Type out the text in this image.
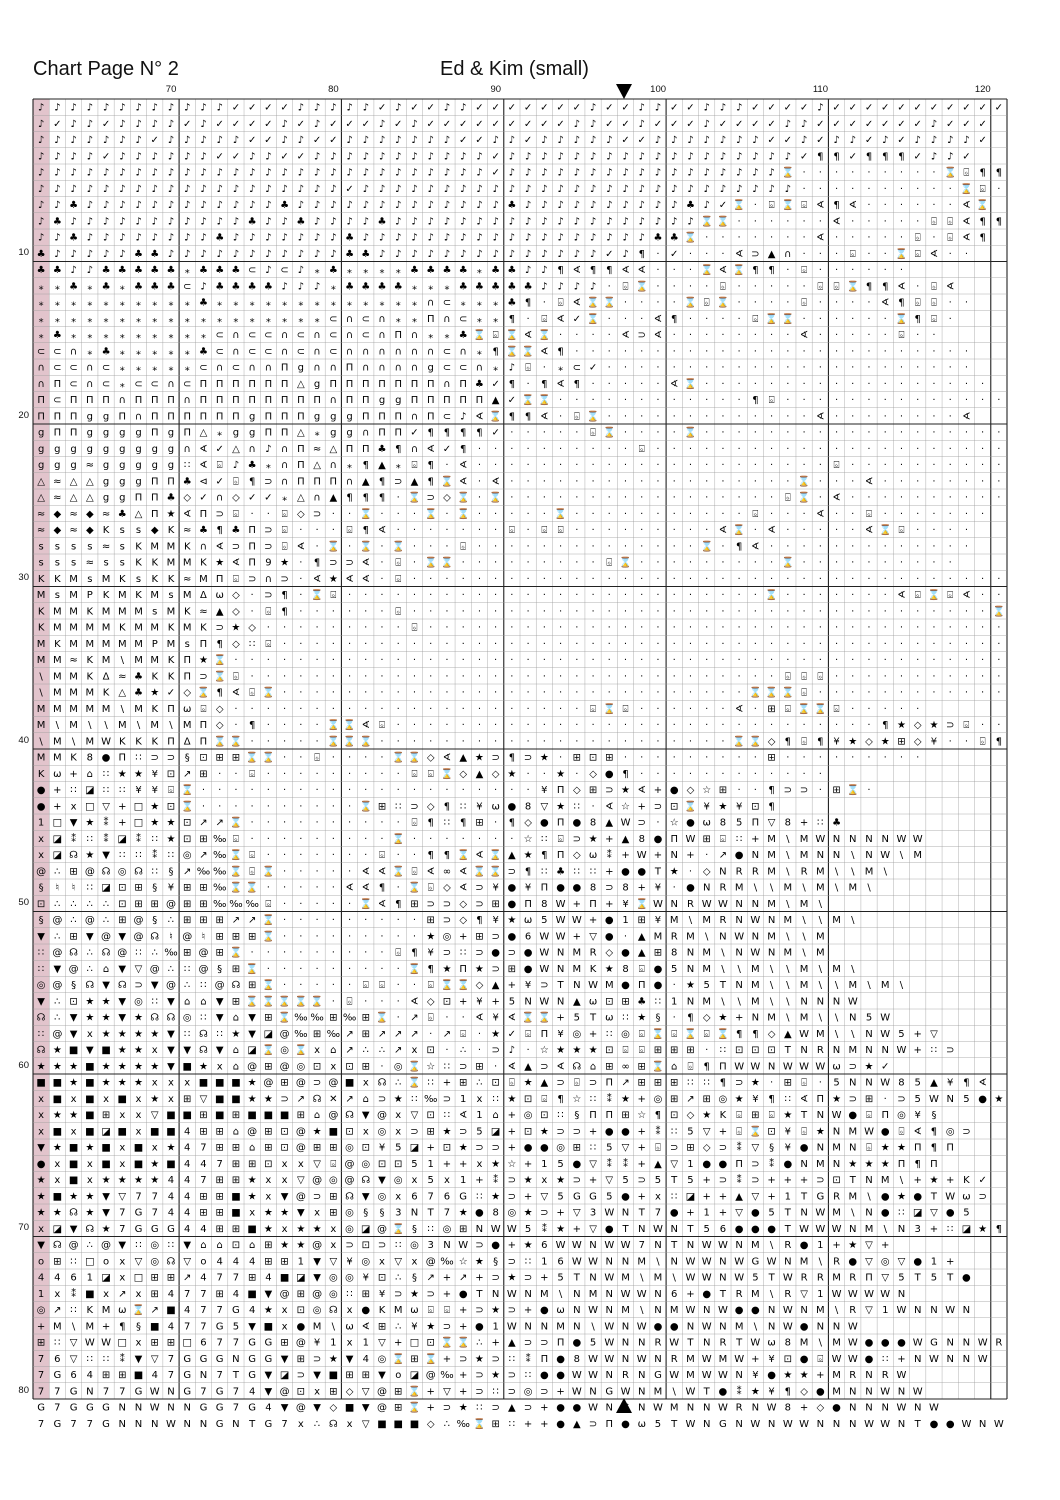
Chart Page N° 2	Ed & Kim (small)
70	80	90	100	110	120
10
20
30
40
50
60
70
80
♪ ♪ ♪ ♪ ♪ ♪ ♪ ♪ ♪ ♪ ♪ ♪ ✓ ✓ ✓ ✓ ♪ ♪ ♪ ♪ ♪ ✓ ♪ ✓ ✓ ♪ ♪ ✓ ✓ ✓ ✓ ✓ ✓ ✓ ♪ ✓ ✓ ♪ ♪ ✓ ✓ ♪ ♪ ♪ ✓ ✓ ✓ ✓ ♪ ✓ ✓ ✓ ✓ ✓ ✓ ✓ ✓ ✓ ✓ ✓
♪ ✓ ♪ ♪ ✓ ♪ ♪ ♪ ♪ ✓ ♪ ✓ ✓ ✓ ✓ ♪ ✓ ♪ ✓ ✓ ✓ ♪ ✓ ♪ ✓ ✓ ✓ ✓ ✓ ✓ ✓ ✓ ✓ ♪ ♪ ✓ ✓ ♪ ✓ ✓ ✓ ♪ ✓ ✓ ✓ ✓ ♪ ♪ ✓ ✓ ✓ ✓ ✓ ✓ ✓ ♪ ✓ ✓ ✓
♪ ♪ ♪ ♪ ♪ ♪ ♪ ✓ ♪ ♪ ♪ ♪ ♪ ✓ ✓ ♪ ♪ ✓ ✓ ♪ ♪ ♪ ♪ ♪ ♪ ♪ ✓ ✓ ♪ ♪ ✓ ♪ ♪ ♪ ♪ ♪ ✓ ✓ ♪ ♪ ♪ ♪ ♪ ♪ ♪ ✓ ✓ ♪ ✓ ♪ ♪ ✓ ♪ ✓ ♪ ♪ ♪ ♪ ✓
♪ ♪ ♪ ♪ ✓ ♪ ♪ ♪ ♪ ♪ ♪ ✓ ✓ ♪ ♪ ✓ ✓ ♪ ♪ ♪ ♪ ♪ ♪ ♪ ♪ ♪ ♪ ♪ ✓ ♪ ♪ ♪ ♪ ♪ ♪ ♪ ♪ ♪ ♪ ♪ ♪ ♪ ♪ ♪ ♪ ♪ ♪ ✓ ¶ ¶ ✓ ¶ ¶ ¶ ✓ ♪ ♪ ✓
♪ ♪ ♪ ♪ ♪ ♪ ♪ ♪ ♪ ♪ ♪ ♪ ♪ ♪ ♪ ♪ ♪ ♪ ♪ ♪ ♪ ♪ ♪ ♪ ♪ ♪ ♪ ♪ ✓ ♪ ♪ ♪ ♪ ♪ ♪ ♪ ♪ ♪ ♪ ♪ ♪ ♪ ♪ ♪ ♪ ♪ ⌛ · · · · · · · · · ⌛ ⌺ ¶ ¶
♪ ♪ ♪ ♪ ♪ ♪ ♪ ♪ ♪ ♪ ♪ ♪ ♪ ♪ ♪ ♪ ♪ ♪ ♪ ✓ ♪ ♪ ♪ ♪ ♪ ♪ ♪ ♪ ♪ ♪ ♪ ♪ ♪ ♪ ♪ ♪ ♪ ♪ ♪ ♪ ♪ ♪ ♪ ♪ ♪ ♪ ♪ · · · · · · · · · · ⌛ ⌺ ·
♪ ♪ ♣ ♪ ♪ ♪ ♪ ♪ ♪ ♪ ♪ ♪ ♪ ♪ ♪ ♣ ♪ ♪ ♪ ♪ ♪ ♪ ♪ ♪ ♪ ♪ ♪ ♪ ♪ ♣ ♪ ♪ ♪ ♪ ♪ ♪ ♪ ♪ ♪ ♪ ♣ ♪ ✓ ⌛ · ⌺ ⌛ ⌺ ∢ ¶ ∢ · · · · · · ∢ ⌛
♪ ♣ ♪ ♪ ♪ ♪ ♪ ♪ ♪ ♪ ♪ ♪ ♪ ♣ ♪ ♪ ♣ ♪ ♪ ♪ ♪ ♣ ♪ ♪ ♪ ♪ ♪ ♪ ♪ ♪ ♪ ♪ ♪ ♪ ♪ ♪ ♪ ♪ ♪ ♪ ♪ ⌛ ⌛ · · · · · · ∢ · · · · · ⌺ ⌺ ∢ ¶ ¶
♪ ♪ ♣ ♪ ♪ ♪ ♪ ♪ ♪ ♪ ♪ ♣ ♪ ♪ ♪ ♪ ♪ ♪ ♪ ♣ ♪ ♪ ♪ ♪ ♪ ♪ ♪ ♪ ♪ ♪ ♪ ♪ ♪ ♪ ♪ ♪ ♪ ♪ ♣ ♣ ⌛ · · · · · · · ∢ · · · · · ⌺ · ⌺ ∢ ¶
♣ ♪ ♪ ♪ ♪ ♪ ♣ ♣ ♪ ♪ ♪ ♪ ♪ ♪ ♪ ♪ ♪ ♪ ♪ ♣ ♣ ♪ ♪ ♪ ♪ ♪ ♪ ♪ ♪ ♪ ♪ ♪ ♪ ♪ ♪ ✓ ♪ ¶ · ✓ · · · ∢ ⊃ ▲ ∩ · · · ⌺ · · ⌛ ⌺ ∢ · ·
♣ ♣ ♪ ♪ ♣ ♣ ♣ ♣ ♣ ⁎ ♣ ♣ ♣ ⊂ ♪ ⊂ ♪ ⁎ ♣ ⁎ ⁎ ⁎ ⁎ ♣ ♣ ♣ ♣ ⁎ ♣ ♣ ♪ ♪ ¶ ∢ ¶ ¶ ∢ ∢ · · · ⌛ ∢ ⌛ ¶ ¶ · ⌺ · · · · · ·
⁎ ⁎ ♣ ⁎ ♣ ⁎ ♣ ♣ ♣ ⊂ ♪ ♣ ♣ ♣ ♣ ♪ ♪ ♪ ⁎ ♣ ♣ ♣ ♣ ⁎ ⁎ ⁎ ♣ ♣ ♣ ♣ ♣ ♪ ♪ ♪ ♪ · ⌺ ⌛ · · · · ⌺ · · · · · ⌺ ⌺ ⌛ ¶ ¶ ∢ · ⌺ ∢
⁎ ⁎ ⁎ ⁎ ⁎ ⁎ ⁎ ⁎ ⁎ ⁎ ♣ ⁎ ⁎ ⁎ ⁎ ⁎ ⁎ ⁎ ⁎ ⁎ ⁎ ⁎ ⁎ ⁎ ∩ ⊂ ⁎ ⁎ ⁎ ♣ ¶ · ⌺ ∢ ⌛ ⌛ · · · · ⌛ ⌺ ⌛ · · · · ⌺ · · · · ∢ ¶ ⌺ ⌺ · ·
⁎ ⁎ ⁎ ⁎ ⁎ ⁎ ⁎ ⁎ ⁎ ⁎ ⁎ ⁎ ⁎ ⁎ ⁎ ⁎ ⁎ ⁎ ⊂ ∩ ⊂ ∩ ⁎ ⁎ Π ∩ ⊂ ⁎ ⁎ ¶ · ⌺ ∢ ✓ ⌛ · · · ∢ ¶ · · · · ⌺ ⌛ ⌛ · · · · · · ⌛ ¶ ⌺ ·
⁎ ♣ ⁎ ⁎ ⁎ ⁎ ⁎ ⁎ ⁎ ⁎ ⁎ ⊂ ∩ ⊂ ⊂ ∩ ⊂ ∩ ⊂ ∩ ⊂ ∩ Π ∩ ⁎ ⁎ ♣ ⌛ ⌺ ⌛ ∢ ⌛ · · · · ∢ ⊃ ∢ · · · · · · · · ∢ · · · · · ⌺ · ·
⊂ ⊂ ∩ ⁎ ♣ ⁎ ⁎ ⁎ ⁎ ⁎ ♣ ⊂ ∩ ⊂ ⊂ ∩ ⊂ ∩ ⊂ ∩ ∩ ∩ ∩ ∩ ∩ ⊂ ∩ ⁎ ¶ ⌛ ⌛ ∢ ¶ · · · · · · · · · · · · · · · · · · · · · · · · ·
∩ ⊂ ⊂ ∩ ⊂ ⁎ ⁎ ⁎ ⁎ ⁎ ⊂ ∩ ⊂ ∩ ∩ Π g ∩ ∩ Π ∩ ∩ ∩ ∩ g ⊂ ⊂ ∩ ⁎ ♪ ⌺ · ⁎ ⊂ ✓ · · · · · · · · · · · · · · · · · · · · · · ·
∩ Π ⊂ ∩ ⊂ ⁎ ⊂ ⊂ ∩ ⊂ Π Π Π Π Π Π △ g Π Π Π Π Π Π Π ∩ Π ♣ ✓ ¶ · ¶ ∢ ¶ · · · · · ∢ ⌛ · · · · · · · · · · · · · · · · · ·
Π ⊂ Π Π Π ∩ Π Π Π ∩ Π Π Π Π Π Π Π Π ∩ Π Π g g Π Π Π Π Π ▲ ✓ ⌛ ⌛ · · · · · · · · · · · · ¶ ⌺ · · · · · · · · · · · · · ·
Π Π Π g g Π ∩ Π Π Π Π Π Π g Π Π Π g g g Π Π Π ∩ Π ⊂ ♪ ∢ ⌛ ¶ ¶ ∢ · ⌺ ⌛ · · · · · · · · · · · · · ∢ · · · · · · · · ∢
g Π Π g g g g Π g Π △ ⁎ g g Π Π △ ⁎ g g ∩ Π Π ✓ ¶ ¶ ¶ ¶ ✓ · · · · · ⌺ ⌛ · · · · ⌛ · · · · · · · · · · · · · · · · · · ·
g g g g g g g g g ∩ ∢ ✓ △ ∩ ♪ ∩ Π ≈ △ Π Π ♣ ¶ ∩ ∢ ✓ ¶ · · · · · · · · · · ⌺ · · · · · · · · · · · · · · · · · · · · · ·
g g g ≈ g g g g g ∷ ∢ ⌺ ♪ ♣ ⁎ ∩ Π △ ∩ ⁎ ¶ ▲ ⁎ ⌺ ¶ · ∢ · · · · · · · · · · · · · · · · · · · · · · ⌺ · · · · · · · · · ·
△ ≈ △ △ g g g Π Π ♣ ⊲ ✓ ⌺ ¶ ⊃ ∩ Π Π Π ∩ ▲ ¶ ⊃ ▲ ¶ ⌛ ∢ · ∢ · · · · · · · · · · · · · · · · · · ⌛ · · · ∢ · · · · · · · ·
△ ≈ △ △ g g Π Π ♣ ◇ ✓ ∩ ◇ ✓ ✓ ⁎ △ ∩ ▲ ¶ ¶ ¶ · ⌛ ⊃ ◇ ⌛ · ⌛ · · · · · · · · · · · · · · · · · ⌺ ⌛ · ∢ · · · · · · · · · ·
≈ ◆ ≈ ◆ ≈ ♣ △ Π ★ ∢ Π ⊃ ⌺ · · ⌺ ◇ ⊃ · · ⌛ · · · ⌛ · ⌛ · · · · · ⌛ · · · · · · · · · · · ⌺ · · · ∢ · · ⌺ · · · · · · ·
≈ ◆ ≈ ◆ K s s ◆ K ≈ ♣ ¶ ♣ Π ⊃ ⌺ · · · ⌺ ¶ ∢ · · · · · · · ⌺ · ⌺ ⌺ · · · · · · · · · ∢ ⌛ · ∢ · · · · · ∢ ⌛ ⌺ · · · ·
s s s s ≈ s K M M K ∩ ∢ ⊃ Π ⊃ ⌺ ∢ · ⌛ · ⌛ · ⌛ · · · ⌺ · · · · · · · · · · · · · · ⌛ · ¶ ∢ · · · · · · · · · · · · ·
s s s ≈ s s K K M M K ★ ∢ Π 9 ★ · ¶ ⊃ ⊃ ∢ · ⌺ · ⌛ ⌛ · · · · · · · · · ⌺ ⌛ · · · · · · · · · ⌛ · · · · · · · · · ·
K K M s M K s K K ≈ M Π ⌺ ⊃ ∩ ⊃ · ∢ ★ ∢ ∢ · ⌺ · · · · · · · · · · · · · · · · · · · · · · · · · · · · · · · · · · · · ·
M s M P K M K M s M Δ ω ◇ · ⊃ ¶ · ⌛ ⌺ · · · · · · · · · · · · · · · · · · · · · · · · · · ⌛ · · · · · · · ∢ ⌺ ⌛ ⌺ ∢ · ·
K M M K M M M s M K ≈ ▲ ◇ · ⌺ ¶ · · · · · · ⌺ · · · · · · · · · · · · · · · · · · · · · · · · · · · · · · · · · · · · ⌛
K M M M M K M M K M K ⊃ ★ ◇ · · · · · · · · · ⌺ · · · · · · · · · · · · · · · · · · · · · · · · · · · · · · · · · · · ·
M K M M M M M P M s Π ¶ ◇ ∷ ⌺ · · · · · · · · · · · · · · · · · · · · · · · · · · · · · · · · · · · · · · · · · · · · ·
M M ≈ K M \ M M K Π ★ ⌛ · · · · · · · · · · · · · · · · · · · · · · · · · · · · · · · · · · · · · · · · · · · · · · · ·
\ M M K Δ ≈ ♣ K K Π ⊃ ⌛ ⌺ · · · · · · · · · · · · · · · · · · · · · · · · · · · · · · · · · ⌺ ⌺ ⌺ · · · · · · · · · · ·
\ M M M K △ ♣ ★ ✓ ◇ ⌛ ¶ ∢ ⌺ ⌛ · · · · · · · · · · · · · · · · · · · · · · · · · · · · · ⌛ ⌛ ⌛ ⌺ · · · · · · · · · · · ·
M M M M M \ M K Π ω ⌺ ◇ · · · · · · · · · · · · · · · · · · · · · · ⌺ ⌛ ⌺ · · · · · · ∢ · ⊞ ⌺ ⌛ ⌛ ⌺ · · · · ·
M \ M \ \ M \ M \ M Π ◇ · ¶ · · · · ⌛ ⌛ ∢ ⌺ · · · · · · · · · · · · · · · · · · · · · · · · · · · · · · ¶ ★ ◇ ★ ⊃ ⌺ · ·
\ M \ M W K K K Π Δ Π ⌛ ⌛ · · · · · ⌛ ⌛ ⌛ · · · · · · · · · · · · · · · · · · · · · · ⌛ ⌛ ◇ ¶ ⌺ ¶ ¥ ★ ◇ ★ ⊞ ◇ ¥ · · ⌺ ¶
M M K 8 ● Π ∷ ⊃ ⊃ § ⊡ ⊞ ⊞ ⌛ ⌛ · · ⌺ · · · · ⌛ ⌛ ◇ ∢ ▲ ★ ⊃ ¶ ⊃ ★ · ⊞ ⊡ ⊞ · · · · · · · · · ⊞ · · · · · · · · ·
K ω + ⌂ ∷ ★ ★ ¥ ⊡ ↗ ⊞ · · ⌺ · · · · · · · · · ⌺ ⌺ ⌛ ◇ ▲ ◇ ★ · · ★ · ◇ ● ¶ · · · · · · · · · · · ·
● + ∷ ◪ ∷ ∷ ¥ ¥ ⌺ ⌛ · · · · · · · · · · · · · · · · · · · · · ¥ Π ◇ ⊞ ⊃ ★ ∢ + ● ◇ ☆ ⊞ · · ¶ ⊃ ⊃ · ⊞ ⌛ ·
● + x □ ▽ + □ ★ ⊡ ⌛ · · · · · · · · · · ⌛ ⊞ ∷ ⊃ ◇ ¶ ∷ ¥ ω ● 8 ▽ ★ ∷ · ∢ ☆ + ⊃ ⊡ ⌛ ¥ ★ ¥ ⊡ ¶
1 □ ▼ ★ ⁑ + □ ★ ★ ⊡ ↗ ↗ ⌛ · · · · · · · · · · ⌺ ¶ ∷ ¶ ⊞ · ¶ ◇ ● Π ● 8 ▲ W ⊃ · ☆ ● ω 8 5 Π ▽ 8 + ∷ ♣
x ◪ ⁑ ∷ ⁑ ◪ ⁑ ∷ ★ ⊡ ⊞ ‰ ⌺ · · · · · · · · · ⌛ · · · · · · · ☆ ∷ ⌺ ⊃ ★ + ▲ 8 ● Π W ⊞ ⌺ ∷ + M \ M W N N N N W W
x ◪ ☊ ★ ▼ ∷ ∷ ⁑ ∷ ◎ ↗ ‰ ⌛ ⌺ · · · · · · · ⌺ · · ¶ ¶ ⌛ ∢ ⌛ ▲ ★ ¶ Π ◇ ω ⁑ + W + N + · ↗ ● N M \ M N N \ N W \ M
@ ∴ ⊞ @ ☊ ◎ ☊ ∷ § ↗ ‰ ‰ ⌛ ⌺ ⌛ · · · · · ∢ ∢ ⌛ ⌺ ∢ ∞ ∢ ⌛ ⌛ ⊃ ¶ ∷ ♣ ∷ ∷ + ● ● T ★ · ◇ N R R M \ R M \ \ M \
§ ♮ ♮ ∷ ◪ ⊡ ⊞ § ¥ ⊞ ⊞ ‰ ⌛ ⌛ · · · · · ∢ ∢ ¶ · ⌛ ⌺ ◇ ∢ ⊃ ¥ ● ¥ Π ● ● 8 ⊃ 8 + ¥ · ● N R M \ \ M \ M \ M \
⊡ ∴ ∴ ∴ ∴ ⊡ ⊞ ⊞ @ ⊞ ⊞ ‰ ‰ ‰ ⌺ · · · · · ⌛ ∢ ¶ ⊞ ⊃ ⊃ ◇ ⊃ ⊞ ● Π 8 W + Π + ¥ ⌛ W N R W W N N M \ M \
§ @ ∴ @ ∴ ⊞ @ § ∴ ⊞ ⊞ ⊞ ↗ ↗ ⌛ · · · · · · · · · ⊞ ⊃ ◇ ¶ ¥ ★ ω 5 W W + ● 1 ⊞ ¥ M \ M R N W N M \ \ M \
▼ ∴ ⊞ ▼ @ ▼ @ ☊ ♮ @ ♮ ⊞ ⊞ ⊞ ⌛ · · · · · · · · · ★ ◎ + ⊞ ⊃ ● 6 W W + ▽ ● · ▲ M R M \ N W N M \ \ M
∷ @ ☊ ∴ ☊ @ ∷ ∴ ‰ ⊞ @ ⊞ ⌛ · · · · · · · · · ⌺ ¶ ¥ ⊃ ∷ ⊃ ● ⊃ ● W N M R ◇ ● ▲ ⊞ 8 N M \ N W N M \ M
∷ ▼ @ ∴ ⌂ ▼ ▽ @ ∴ ∷ @ § ⊞ ⌛ · · · · · · · · · ⌛ ¶ ★ Π ★ ⊃ ⊞ ● W N M K ★ 8 ⌺ ● 5 N M \ \ M \ \ M \ M \
◎ @ § ☊ ▼ ☊ ⊃ ▼ @ ∴ ∷ @ ☊ ⊞ ⌛ · · · · · ⌺ ⌺ · · ⌺ ⌛ ⌛ ◇ ▲ + ¥ ⊃ T N W M ● Π ● · ★ 5 T N M \ \ M \ \ M \ M \
▼ ∴ ⊡ ★ ★ ▼ ◎ ∷ ▼ ⌂ ⌂ ▼ ⊞ ⌛ ⌛ ⌛ ⌛ ⌛ · ⌺ · · · ∢ ◇ ⊡ + ¥ + 5 N W N ▲ ω ⊡ ⊞ ♣ ∷ 1 N M \ \ M \ \ N N N W
☊ ∴ ▼ ★ ★ ▼ ★ ☊ ☊ ◎ ∷ ▼ ⌂ ▼ ⊞ ⌛ ‰ ‰ ⊞ ‰ ⊞ ⌛ · ↗ ⌺ · · ∢ ¥ ∢ ⌛ ⌛ + 5 T ω ∷ ★ § · ¶ ◇ ★ + N M \ M \ \ N 5 W
∷ @ ▼ x ★ ★ ★ ★ ▼ ∷ ☊ ∷ ★ ▼ ◪ @ ‰ ⊞ ‰ ↗ ⊞ ↗ ↗ ↗ · ↗ ⌺ · ★ ✓ ⌺ Π ¥ ◎ + ∷ ◎ ⌺ ⌛ ⌺ ⌛ ⌺ ⌛ ¶ ¶ ◇ ▲ W M \ \ N W 5 + ▽
☊ ★ ■ ▼ ■ ★ ★ x ▼ ▼ ☊ ▼ ⌂ ◪ ⌛ ◎ ⌛ x ⌂ ↗ ∴ ∴ ↗ x ⊡ · ∴ · ⊃ ♪ · ☆ ★ ★ ★ ⊡ ⌺ ⌺ ⊞ ⊞ ⊞ · ∷ ⊡ ⊡ ⊡ T N R N M N N W + ∷ ⊃
★ ★ ★ ■ ★ ★ ★ ★ ▼ ■ ★ x ⌂ @ ⊞ @ ◎ ⊡ x ⊡ ⊞ · ◎ ⌛ ☆ ∷ ⊃ ⊞ · ∢ ▲ ⊃ ∢ ☊ ⌂ ⊞ ∞ ⊞ ⌛ ⌂ ⌺ ¶ Π W W N W W W ω ⊃ ★ ✓
■ ■ ★ ■ ★ ★ ★ x x x ■ ■ ■ ★ @ ⊞ @ ⊃ @ ■ x ☊ ∴ ⌛ ∷ + ⊞ ∴ ⊡ ⌺ ★ ▲ ⊃ ⌺ ⊃ Π ↗ ⊞ ⊞ ⊞ ∷ ∷ ¶ ⊃ ★ · ⊞ ⌺ · 5 N N W 8 5 ▲ ¥ ¶ ∢
x ■ x ■ x ■ x ★ x ⊞ ▽ ■ ■ ★ ★ ⊃ ↗ ☊ ✕ ↗ ⌂ ⊃ ★ ∷ ‰ ⊃ 1 x ∷ ★ ⊡ ⌺ ¶ ☆ ∷ ⁑ ★ + ◎ ⊞ ↗ ⊞ ◎ ★ ¥ ¶ ∷ ∢ Π ★ ⊃ ⊞ · ⊃ 5 W N 5 ● ★
x ★ ★ ■ ⊞ x x ▽ ■ ■ ⊞ ■ ⊞ ■ ■ ■ ⊞ ⌂ @ ☊ ▼ @ x ▽ ⊡ ∷ ∢ 1 ⌂ + ◎ ⊡ ∷ § Π Π ⊞ ☆ ¶ ⊡ ◇ ★ K ⌺ ⊞ ⌺ ★ T N W ● ⌺ Π ◎ ¥ §
x ■ x ■ ◪ ■ x ■ ■ 4 ⊞ ⊞ ⌂ @ ⊞ ⊡ @ ★ ■ ⊡ x ◎ x ⊃ ⊞ ★ ⊃ 5 ◪ + ⊡ ★ ⊃ ⊃ + ● ● + ⁑ ∷ 5 ▽ + ⌺ ⌛ ⊡ ¥ ⌺ ★ N M W ● ⌺ ∢ ¶ ◎ ⊃
▼ ★ ■ ★ ■ x ■ x ★ 4 7 ⊞ ⊞ ⌂ ⊞ ⊡ @ ⊞ ⊞ ◎ ⊡ ¥ 5 ◪ + ⊡ ★ ⊃ ⊃ + ● ● ◎ ⊞ ∷ 5 ▽ + ⌺ ⊃ ⊞ ◇ ⊃ ⁑ ▽ § ¥ ● N M N ⌺ ★ ★ Π ¶ Π
● x ■ x ■ x ■ ★ ■ 4 4 7 ⊞ ⊞ ⊡ x x ▽ ⌺ @ ◎ ⊡ ⊡ 5 1 + + x ★ ☆ + 1 5 ● ▽ ⁑ ⁑ + ▲ ▽ 1 ● ● Π ⊃ ⁑ ● N M N ★ ★ ★ Π ¶ Π
★ x ■ x ★ ★ ★ ★ 4 4 7 ⊞ ⊞ ★ x x ▽ @ ◎ @ ☊ ▼ ◎ x 5 x 1 + ⁑ ⊃ ★ x ★ ⊃ + ▽ 5 ⊃ 5 T 5 + ⊃ ⁑ ⊃ + + + ⊃ ⊡ T N M \ + ★ + K ✓
★ ■ ★ ★ ▼ ▽ 7 7 4 4 ⊞ ⊞ ■ ★ x ▼ @ ⊃ ⊞ ☊ ▼ ◎ x 6 7 6 G ∷ ★ ⊃ + ▽ 5 G G 5 ● + x ∷ ◪ + + ▲ ▽ + 1 T G R M \ ● ★ ● T W ω ⊃
★ ★ ☊ ★ ▼ 7 G 7 4 4 ⊞ ⊞ ■ x ★ ★ ▼ x ⊞ ◎ § § 3 N T 7 ★ ● 8 ◎ ★ ⊃ + ▽ 3 W N T 7 ● + 1 + ▽ ● 5 T N W M \ N ● ∷ ◪ ▽ ● 5
x ◪ ▼ ☊ ★ 7 G G G 4 4 ⊞ ⊞ ■ ★ x ★ ★ x ◎ ◪ @ ⌛ § ∷ ◎ ⊞ N W W 5 ⁑ ★ + ▽ ● T N W N T 5 6 ● ● ● T W W W N M \ N 3 + ∷ ◪ ★ ¶
▼ ☊ @ ∴ @ ▼ ∷ ◎ ∷ ▼ ⌂ ⌂ ⊡ ⌂ ⊞ ★ ★ @ x ⊃ ⊡ ⊃ ∷ ◎ 3 N W ⊃ ● + ★ 6 W W N W W 7 N T N W W N M \ R ● 1 + ★ ▽ +
o ⊞ ∷ □ o x ▽ ◎ ☊ ▽ o 4 4 4 ⊞ ⊞ 1 ▼ ▽ ¥ ◎ x ▽ x @ ‰ ☆ ★ § ⊃ ∷ 1 6 W W N N M \ N W W N W G W N M \ R ● ▽ ◎ ▽ ● 1 +
4 4 6 1 ◪ x □ ⊞ ⊞ ↗ 4 7 7 ⊞ 4 ■ ◪ ▼ ◎ ◎ ¥ ⊡ ∴ § ↗ + ↗ + ⊃ ★ ⊃ + 5 T N W M \ M \ W W N W 5 T W R R M R Π ▽ 5 T 5 T ●
1 x ⁑ ■ x ↗ x ⊞ 4 7 7 ⊞ 4 ■ ▼ @ ⊞ @ ◎ ∷ ⊞ ¥ ⊃ ★ ⊃ + ● T N W N M \ N M N W W N 6 + ● T R M \ R ▽ 1 W W W W N
◎ ↗ ∷ K M ω ⌛ ↗ ■ 4 7 7 G 4 ★ x ⊡ ◎ ☊ x ● K M ω ⌺ ⌺ + ⊃ ★ ⊃ + ● ω N W N M \ N M W N W ● ● N W N M \ R ▽ 1 W N N W N
+ M \ M + ¶ § ■ 4 7 7 G 5 ▼ ■ x ● M \ ω ∢ ⊞ ∴ ¥ ★ ⊃ + ● 1 W N N M N \ W N W ● ● N W N M \ N W ● N N W
⊞ ∷ ▽ W W □ x ⊞ ⊞ □ 6 7 7 G G ⊞ @ ¥ 1 x 1 ▽ + □ ⊡ ⌛ ⌛ ∴ + ▲ ⊃ ⊃ Π ● 5 W N N R W T N R T W ω 8 M \ M W ● ● ● W G N N W R
7 6 ▽ ∷ ∷ ⁑ ▼ ▽ 7 G G G N G G ▼ ⊞ ⊃ ★ ▼ 4 ◎ ⌛ ⊞ ⌛ + ⊃ ★ ⊃ ∷ ⁑ Π ● 8 W W N W N R M W M W + ¥ ⊡ ● ⌺ W W ● ∷ + N W N N W
7 G 6 4 ⊞ ⊞ ■ 4 7 G N 7 T G ▼ ◪ ⊃ ▼ ■ ⊞ ⊞ ▼ o ◪ @ ‰ + ⊃ ★ ⊃ ∷ ● ● W W N R N G W M W W N ¥ ● ★ ★ + M R N R W
7 7 G N 7 7 G W N G 7 G 7 4 ▼ @ ⊡ x ⊞ ◇ ▽ @ ⊞ ⌛ + ▽ + ⊃ ∷ ⊃ ◎ ⊃ + W N G W N M \ W T ● ⁑ ★ ¥ ¶ ◇ ● M N N W N W
G 7 G G G N N W N N G G 7 G 4 ▼ @ ▼ ◇ ■ ▼ @ ⊞ ⌛ + ⊃ ★ ∷ ⊃ ▲ ⊃ + ● ● W N G N W M N N W R N W 8 + ◇ ● N N N W N W
7 G 7 7 G N N N W N N G N T G 7 x ∴ ☊ x ▽ ■ ■ ■ ◇ ∴ ‰ ⌛ ⊞ ∷ + + ● ▲ ⊃ Π ● ω 5 T W N G N W N W W N N N W W N T ● ● W N W
